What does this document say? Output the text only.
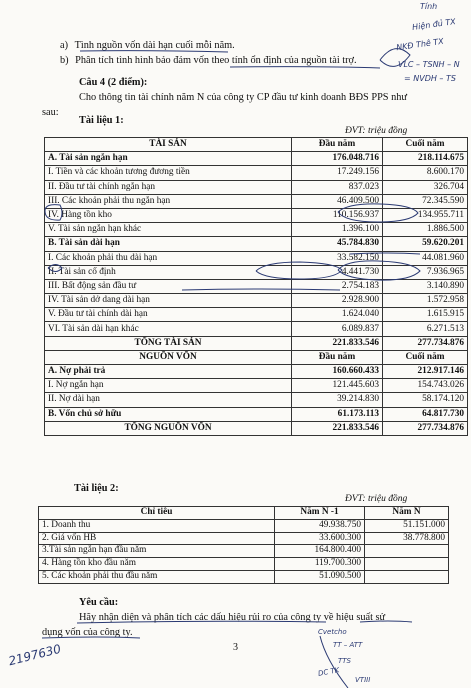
a) Tình nguồn vốn dài hạn cuối mỗi năm.
b) Phân tích tình hình bảo đảm vốn theo tính ổn định của nguồn tài trợ.
Câu 4 (2 điểm):
Cho thông tin tài chính năm N của công ty CP đầu tư kinh doanh BĐS PPS như
sau:
Tài liệu 1:
ĐVT: triệu đồng
TÀI SẢN	Đầu năm	Cuối năm
A. Tài sản ngắn hạn	176.048.716	218.114.675
I. Tiền và các khoản tương đương tiền	17.249.156	8.600.170
II. Đầu tư tài chính ngắn hạn	837.023	326.704
III. Các khoản phải thu ngắn hạn	46.409.500	72.345.590
IV. Hàng tồn kho	110.156.937	134.955.711
V. Tài sản ngắn hạn khác	1.396.100	1.886.500
B. Tài sản dài hạn	45.784.830	59.620.201
I. Các khoản phải thu dài hạn	33.582.150	44.081.960
II. Tài sản cố định	4.441.730	7.936.965
III. Bất động sản đầu tư	2.754.183	3.140.890
IV. Tài sản dở dang dài hạn	2.928.900	1.572.958
V. Đầu tư tài chính dài hạn	1.624.040	1.615.915
VI. Tài sản dài hạn khác	6.089.837	6.271.513
TỔNG TÀI SẢN	221.833.546	277.734.876
NGUỒN VỐN	Đầu năm	Cuối năm
A. Nợ phải trả	160.660.433	212.917.146
I. Nợ ngắn hạn	121.445.603	154.743.026
II. Nợ dài hạn	39.214.830	58.174.120
B. Vốn chủ sở hữu	61.173.113	64.817.730
TỔNG NGUỒN VỐN	221.833.546	277.734.876
Tài liệu 2:
ĐVT: triệu đồng
Chỉ tiêu	Năm N -1	Năm N
1. Doanh thu	49.938.750	51.151.000
2. Giá vốn HB	33.600.300	38.778.800
3.Tài sản ngắn hạn đầu năm	164.800.400	
4. Hàng tồn kho đầu năm	119.700.300	
5. Các khoản phải thu đầu năm	51.090.500	
Yêu cầu:
Hãy nhận diện và phân tích các dấu hiệu rủi ro của công ty về hiệu suất sử
dụng vốn của công ty.
3
Tính
Hiện đủ TX
NKĐ Thê TX
VLC – TSNH – N
= NVDH – TS
2197630
Cvetcho
TT – ATT
TTS
DC TK
VTIII
